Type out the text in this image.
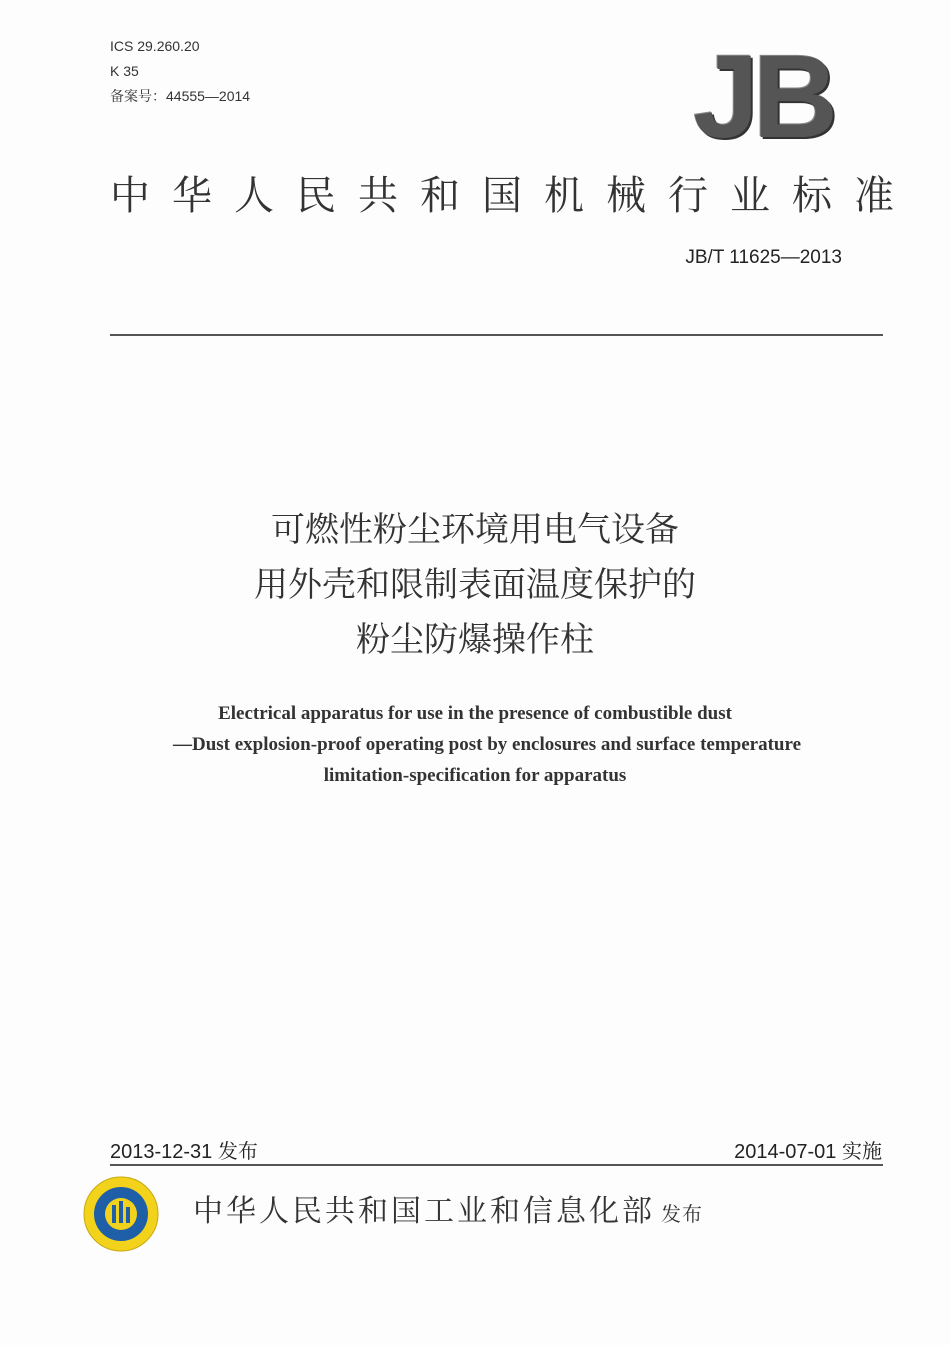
ICS 29.260.20
K 35
备案号：44555—2014	JB
中华人民共和国机械行业标准
JB/T 11625—2013
可燃性粉尘环境用电气设备
用外壳和限制表面温度保护的
粉尘防爆操作柱
Electrical apparatus for use in the presence of combustible dust
—Dust explosion-proof operating post by enclosures and surface temperature
limitation-specification for apparatus
2013-12-31 发布	2014-07-01 实施
中华人民共和国工业和信息化部 发布
